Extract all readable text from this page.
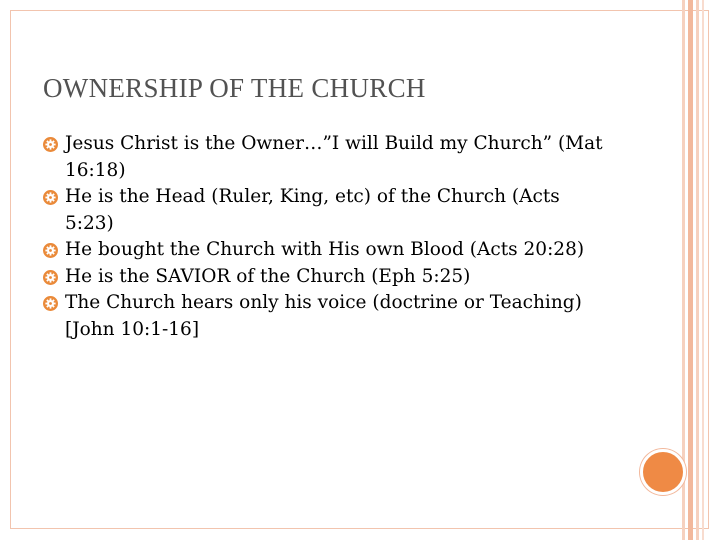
OWNERSHIP OF THE CHURCH
Jesus Christ is the Owner…”I will Build my Church” (Mat 16:18)
He is the Head (Ruler, King, etc) of the Church (Acts 5:23)
He bought the Church with His own Blood (Acts 20:28)
He is the SAVIOR of the Church (Eph 5:25)
The Church hears only his voice (doctrine or Teaching) [John 10:1-16]
